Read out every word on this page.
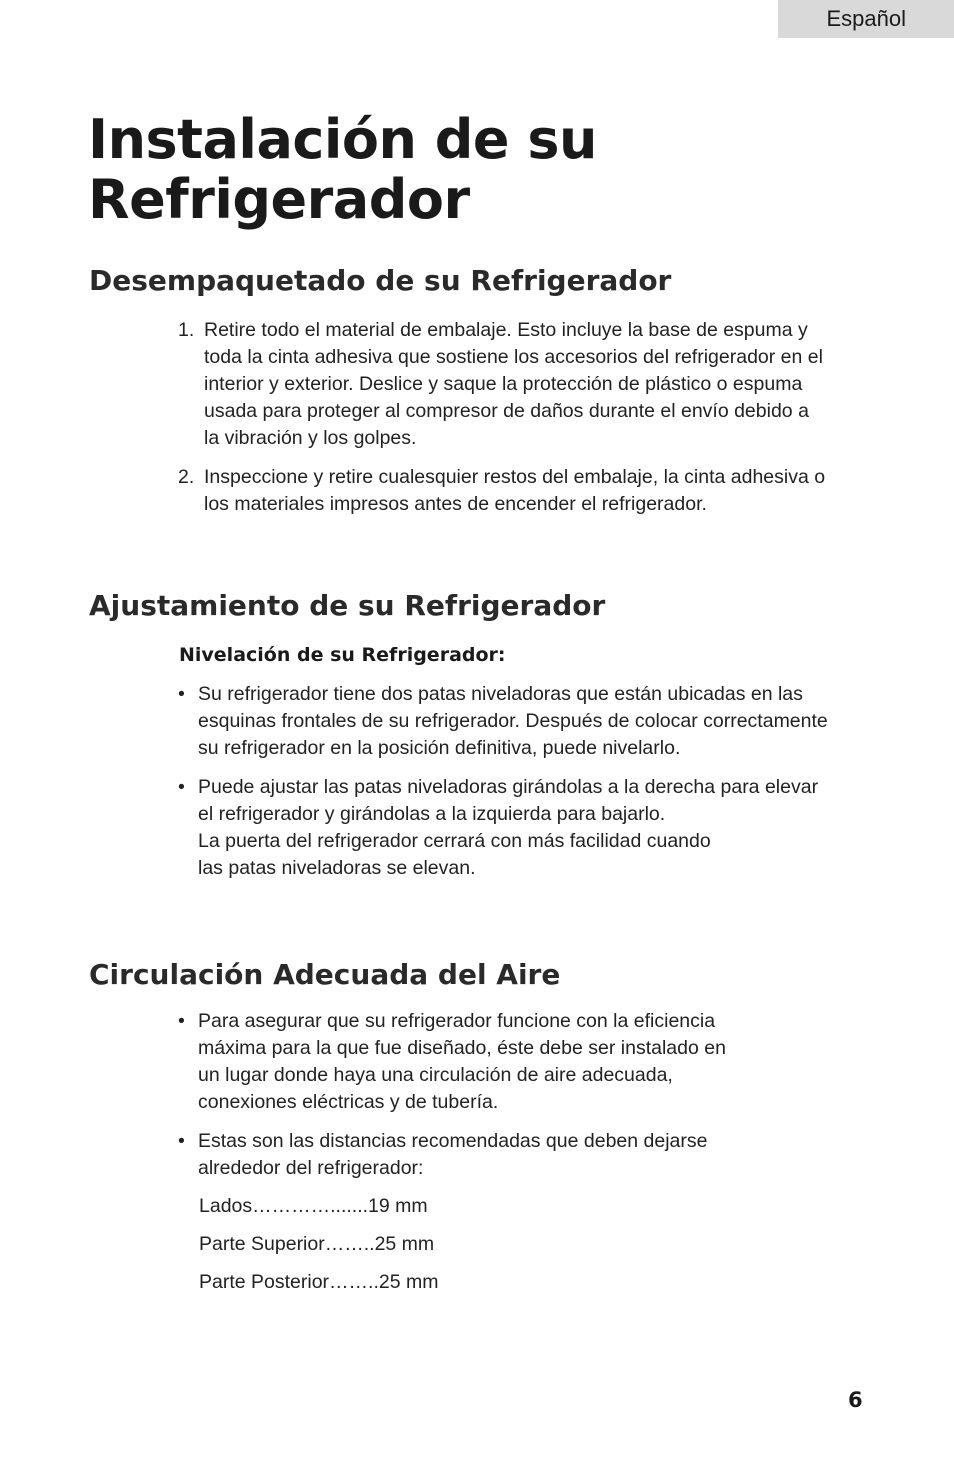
Español
Instalación de su
Refrigerador
Desempaquetado de su Refrigerador
1. Retire todo el material de embalaje. Esto incluye la base de espuma y
toda la cinta adhesiva que sostiene los accesorios del refrigerador en el
interior y exterior. Deslice y saque la protección de plástico o espuma
usada para proteger al compresor de daños durante el envío debido a
la vibración y los golpes.
2. Inspeccione y retire cualesquier restos del embalaje, la cinta adhesiva o
los materiales impresos antes de encender el refrigerador.
Ajustamiento de su Refrigerador
Nivelación de su Refrigerador:
• Su refrigerador tiene dos patas niveladoras que están ubicadas en las
esquinas frontales de su refrigerador. Después de colocar correctamente
su refrigerador en la posición definitiva, puede nivelarlo.
• Puede ajustar las patas niveladoras girándolas a la derecha para elevar
el refrigerador y girándolas a la izquierda para bajarlo.
La puerta del refrigerador cerrará con más facilidad cuando
las patas niveladoras se elevan.
Circulación Adecuada del Aire
• Para asegurar que su refrigerador funcione con la eficiencia
máxima para la que fue diseñado, éste debe ser instalado en
un lugar donde haya una circulación de aire adecuada,
conexiones eléctricas y de tubería.
• Estas son las distancias recomendadas que deben dejarse
alrededor del refrigerador:
Lados………….......19 mm
Parte Superior……..25 mm
Parte Posterior……..25 mm
6
